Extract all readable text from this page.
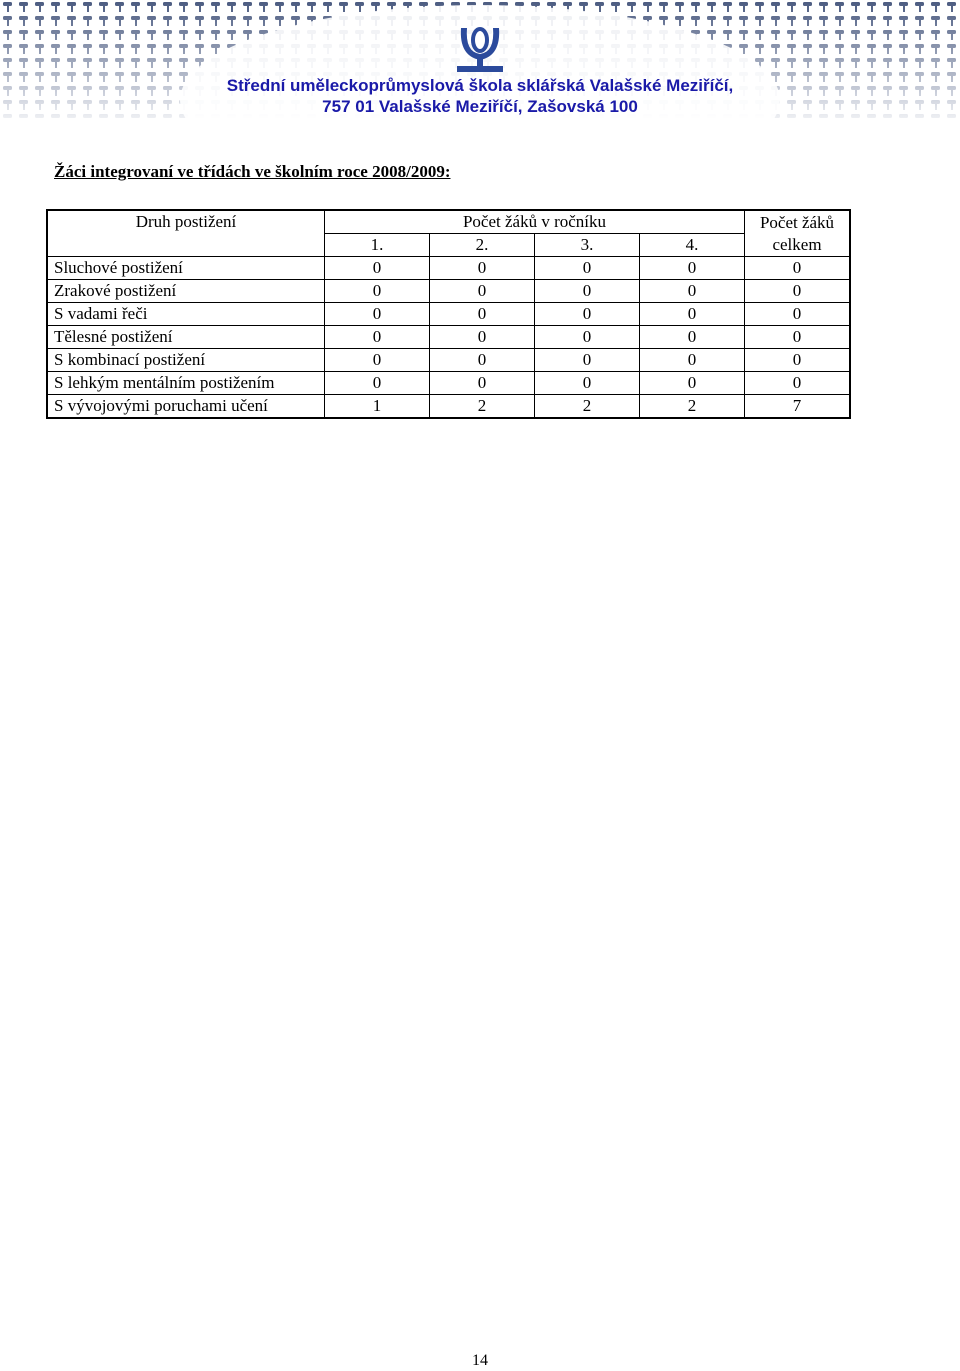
Střední uměleckoprůmyslová škola sklářská Valašské Meziříčí,
757 01 Valašské Meziříčí, Zašovská 100
Žáci integrovaní ve třídách ve školním roce 2008/2009:
Druh postižení	Počet žáků v ročníku				Počet žáků celkem
	1.	2.	3.	4.	
Sluchové postižení	0	0	0	0	0
Zrakové postižení	0	0	0	0	0
S vadami řeči	0	0	0	0	0
Tělesné postižení	0	0	0	0	0
S kombinací postižení	0	0	0	0	0
S lehkým mentálním postižením	0	0	0	0	0
S vývojovými poruchami učení	1	2	2	2	7
14
